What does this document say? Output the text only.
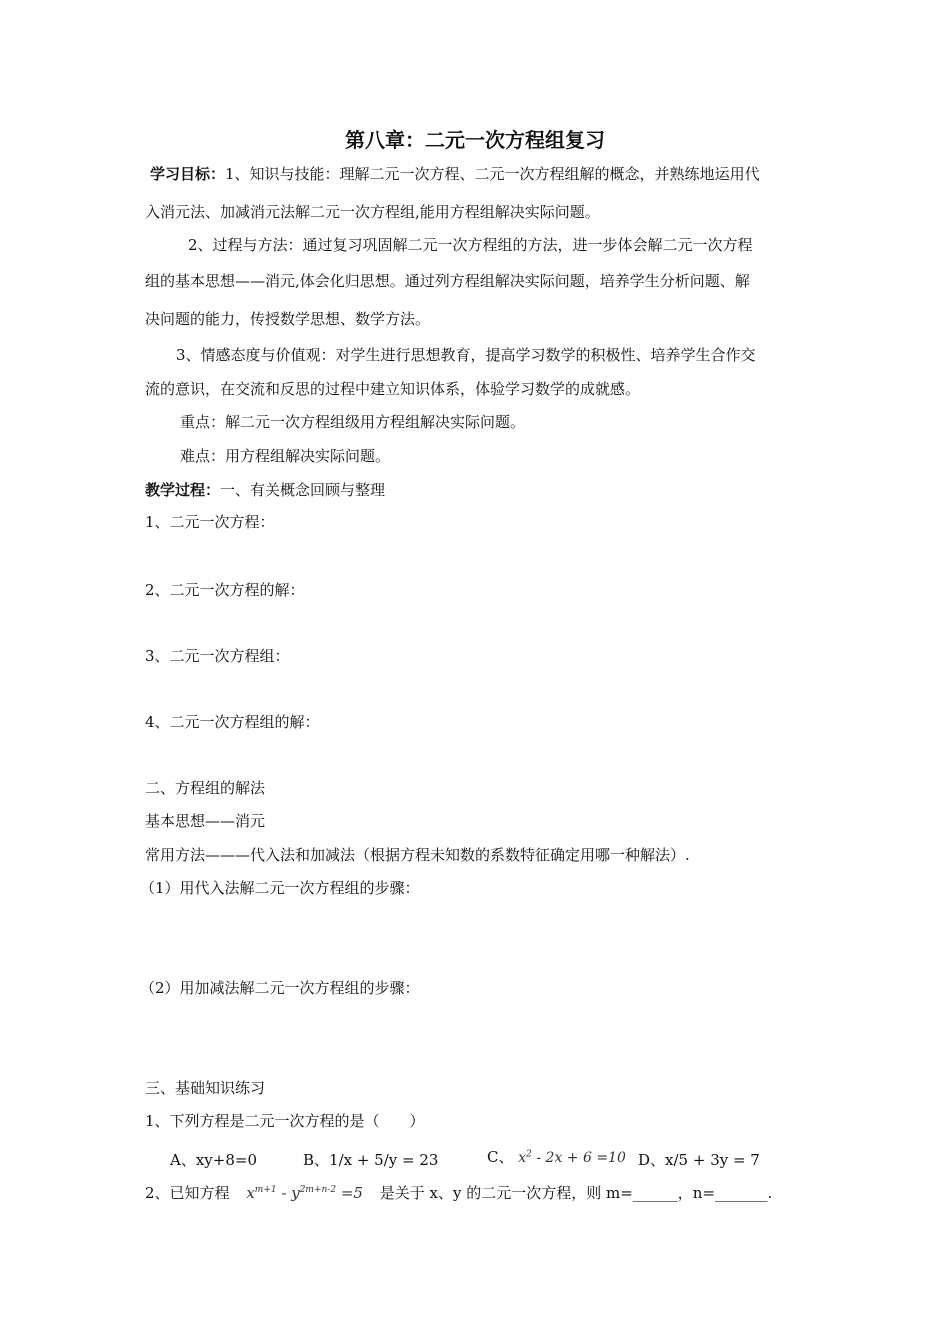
第八章：二元一次方程组复习
学习目标：1、知识与技能：理解二元一次方程、二元一次方程组解的概念，并熟练地运用代
入消元法、加减消元法解二元一次方程组,能用方程组解决实际问题。
2、过程与方法：通过复习巩固解二元一次方程组的方法，进一步体会解二元一次方程
组的基本思想——消元,体会化归思想。通过列方程组解决实际问题，培养学生分析问题、解
决问题的能力，传授数学思想、数学方法。
3、情感态度与价值观：对学生进行思想教育，提高学习数学的积极性、培养学生合作交
流的意识，在交流和反思的过程中建立知识体系，体验学习数学的成就感。
重点：解二元一次方程组级用方程组解决实际问题。
难点：用方程组解决实际问题。
教学过程：一、有关概念回顾与整理
1、二元一次方程：
2、二元一次方程的解：
3、二元一次方程组：
4、二元一次方程组的解：
二、方程组的解法
基本思想——消元
常用方法———代入法和加减法（根据方程未知数的系数特征确定用哪一种解法）.
（1）用代入法解二元一次方程组的步骤：
（2）用加减法解二元一次方程组的步骤：
三、基础知识练习
1、下列方程是二元一次方程的是（　　）
A、xy+8=0	B、1/x + 5/y = 23	C、 $x^2 - 2x + 6 =10$ D、x/5 + 3y = 7
2、已知方程 $x^{m+1} - y^{2m+n-2} =5$ 是关于 x、y 的二元一次方程，则 m=______，n=_______.
